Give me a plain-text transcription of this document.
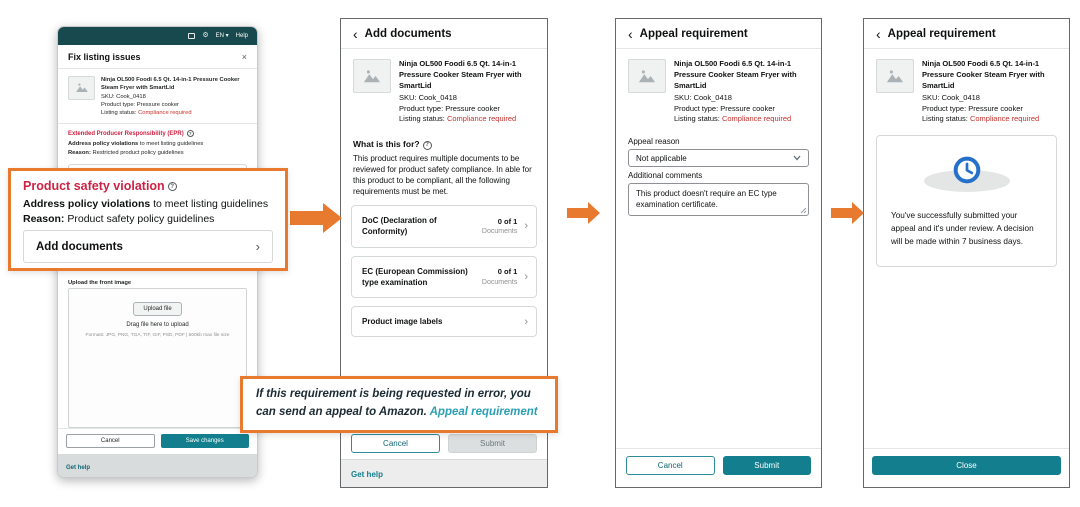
⚙ EN ▾ Help
Fix listing issues	×
Ninja OL500 Foodi 6.5 Qt. 14-in-1 Pressure Cooker Steam Fryer with SmartLid
SKU: Cook_0418
Product type: Pressure cooker
Listing status: Compliance required
Extended Producer Responsibility (EPR) ?
Address policy violations to meet listing guidelines
Reason: Restricted product policy guidelines
Upload the front image
Upload file
Drag file here to upload
Formats: JPG, PNG, TGA, TIF, GIF, PSD, PDF | 500kb max file size
Cancel	Save changes
Get help
Product safety violation ?
Address policy violations to meet listing guidelines
Reason: Product safety policy guidelines
Add documents	›
‹ Add documents
Ninja OL500 Foodi 6.5 Qt. 14-in-1 Pressure Cooker Steam Fryer with SmartLid
SKU: Cook_0418
Product type: Pressure cooker
Listing status: Compliance required
What is this for? ?
This product requires multiple documents to be reviewed for product safety compliance. In able for this product to be compliant, all the following requirements must be met.
DoC (Declaration of Conformity)
0 of 1
Documents ›
EC (European Commission) type examination
0 of 1
Documents ›
Product image labels	›
Cancel	Submit
Get help
If this requirement is being requested in error, you can send an appeal to Amazon. Appeal requirement
‹ Appeal requirement
Ninja OL500 Foodi 6.5 Qt. 14-in-1 Pressure Cooker Steam Fryer with SmartLid
SKU: Cook_0418
Product type: Pressure cooker
Listing status: Compliance required
Appeal reason
Not applicable
Additional comments
This product doesn't require an EC type examination certificate.
Cancel	Submit
‹ Appeal requirement
Ninja OL500 Foodi 6.5 Qt. 14-in-1 Pressure Cooker Steam Fryer with SmartLid
SKU: Cook_0418
Product type: Pressure cooker
Listing status: Compliance required
You've successfully submitted your appeal and it's under review. A decision will be made within 7 business days.
Close
